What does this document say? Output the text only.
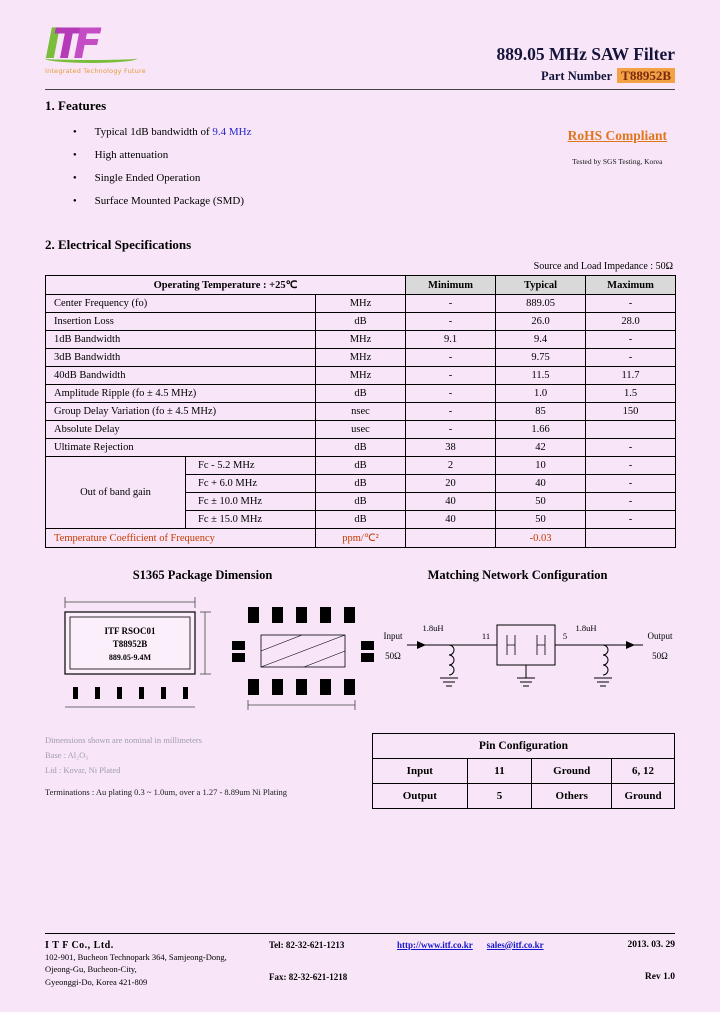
ITF
Integrated Technology Future
889.05 MHz SAW Filter
Part Number T88952B
1. Features
● Typical 1dB bandwidth of 9.4 MHz
● High attenuation
● Single Ended Operation
● Surface Mounted Package (SMD)
RoHS Compliant
Tested by SGS Testing, Korea
2. Electrical Specifications
Source and Load Impedance : 50Ω
Operating Temperature : +25℃			Minimum	Typical	Maximum
Center Frequency (fo)		MHz	-	889.05	-
Insertion Loss		dB	-	26.0	28.0
1dB Bandwidth		MHz	9.1	9.4	-
3dB Bandwidth		MHz	-	9.75	-
40dB Bandwidth		MHz	-	11.5	11.7
Amplitude Ripple (fo ± 4.5 MHz)		dB	-	1.0	1.5
Group Delay Variation (fo ± 4.5 MHz)		nsec	-	85	150
Absolute Delay		usec	-	1.66	
Ultimate Rejection		dB	38	42	-
Out of band gain	Fc - 5.2 MHz	dB	2	10	-
	Fc + 6.0 MHz	dB	20	40	-
	Fc ± 10.0 MHz	dB	40	50	-
	Fc ± 15.0 MHz	dB	40	50	-
Temperature Coefficient of Frequency		ppm/℃²		-0.03	
S1365 Package Dimension	Matching Network Configuration
ITF RSOC01
T88952B
889.05-9.4M
Input
50Ω
1.8uH
11	5
1.8uH
Output
50Ω
Dimensions shown are nominal in millimeters
Base : Al₂O₃
Lid : Kovar, Ni Plated
Terminations : Au plating 0.3 ~ 1.0um, over a 1.27 - 8.89um Ni Plating
Pin Configuration			
Input	11	Ground	6, 12
Output	5	Others	Ground
I T F Co., Ltd.
102-901, Bucheon Technopark 364, Samjeong-Dong,
Ojeong-Gu, Bucheon-City,
Gyeonggi-Do, Korea 421-809
Tel: 82-32-621-1213
Fax: 82-32-621-1218
http://www.itf.co.kr sales@itf.co.kr	2013. 03. 29
Rev 1.0
